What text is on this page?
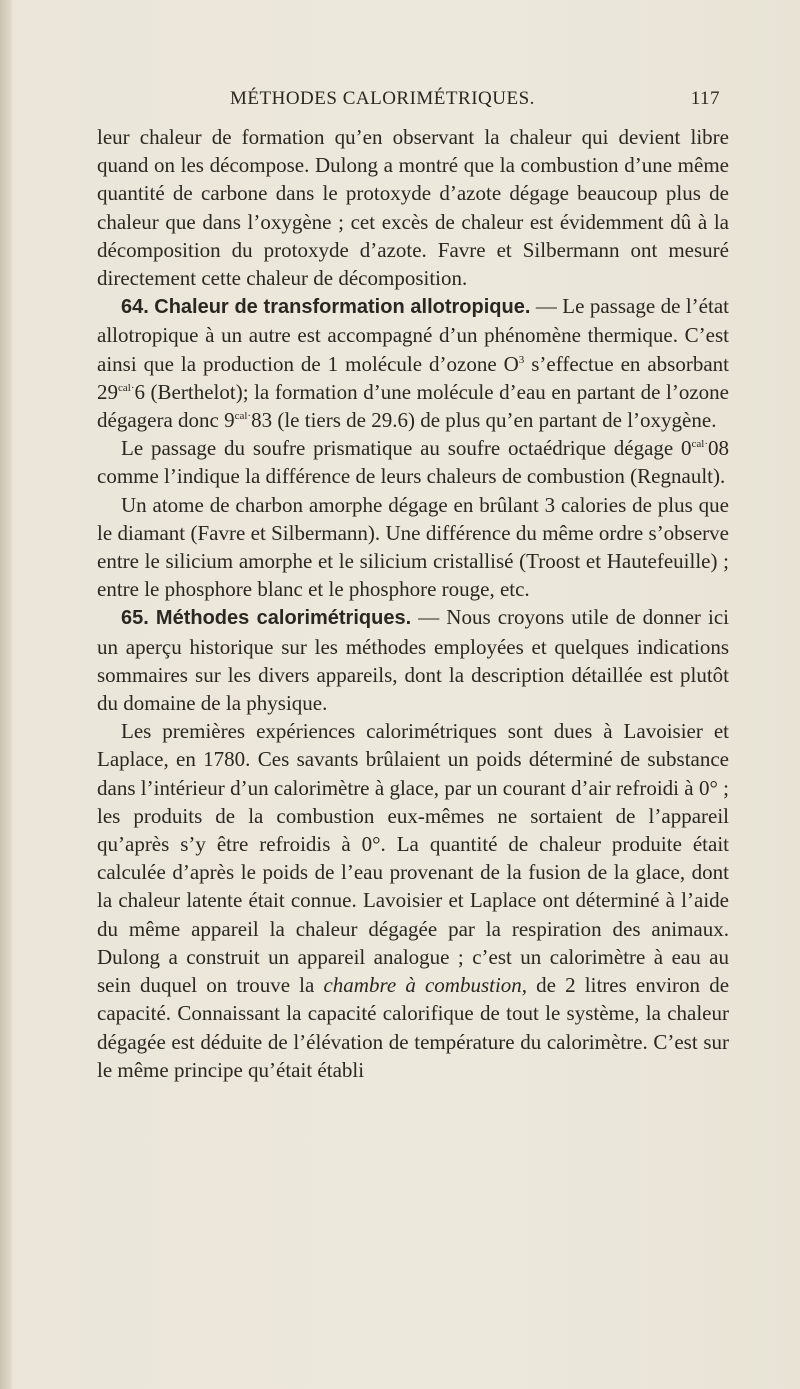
MÉTHODES CALORIMÉTRIQUES.	117

leur chaleur de formation qu’en observant la chaleur qui devient libre quand on les décompose. Dulong a montré que la combustion d’une même quantité de carbone dans le protoxyde d’azote dégage beaucoup plus de chaleur que dans l’oxygène ; cet excès de chaleur est évidemment dû à la décomposition du protoxyde d’azote. Favre et Silbermann ont mesuré directement cette chaleur de décomposition.

64. Chaleur de transformation allotropique. — Le passage de l’état allotropique à un autre est accompagné d’un phénomène thermique. C’est ainsi que la production de 1 molécule d’ozone $O^3$ s’effectue en absorbant $29^{cal\cdot}6$ (Berthelot); la formation d’une molécule d’eau en partant de l’ozone dégagera donc $9^{cal\cdot}83$ (le tiers de 29.6) de plus qu’en partant de l’oxygène.

Le passage du soufre prismatique au soufre octaédrique dégage $0^{cal\cdot}08$ comme l’indique la différence de leurs chaleurs de combustion (Regnault).

Un atome de charbon amorphe dégage en brûlant 3 calories de plus que le diamant (Favre et Silbermann). Une différence du même ordre s’observe entre le silicium amorphe et le silicium cristallisé (Troost et Hautefeuille) ; entre le phosphore blanc et le phosphore rouge, etc.

65. Méthodes calorimétriques. — Nous croyons utile de donner ici un aperçu historique sur les méthodes employées et quelques indications sommaires sur les divers appareils, dont la description détaillée est plutôt du domaine de la physique.

Les premières expériences calorimétriques sont dues à Lavoisier et Laplace, en 1780. Ces savants brûlaient un poids déterminé de substance dans l’intérieur d’un calorimètre à glace, par un courant d’air refroidi à 0° ; les produits de la combustion eux-mêmes ne sortaient de l’appareil qu’après s’y être refroidis à 0°. La quantité de chaleur produite était calculée d’après le poids de l’eau provenant de la fusion de la glace, dont la chaleur latente était connue. Lavoisier et Laplace ont déterminé à l’aide du même appareil la chaleur dégagée par la respiration des animaux. Dulong a construit un appareil analogue ; c’est un calorimètre à eau au sein duquel on trouve la chambre à combustion, de 2 litres environ de capacité. Connaissant la capacité calorifique de tout le système, la chaleur dégagée est déduite de l’élévation de température du calorimètre. C’est sur le même principe qu’était établi
